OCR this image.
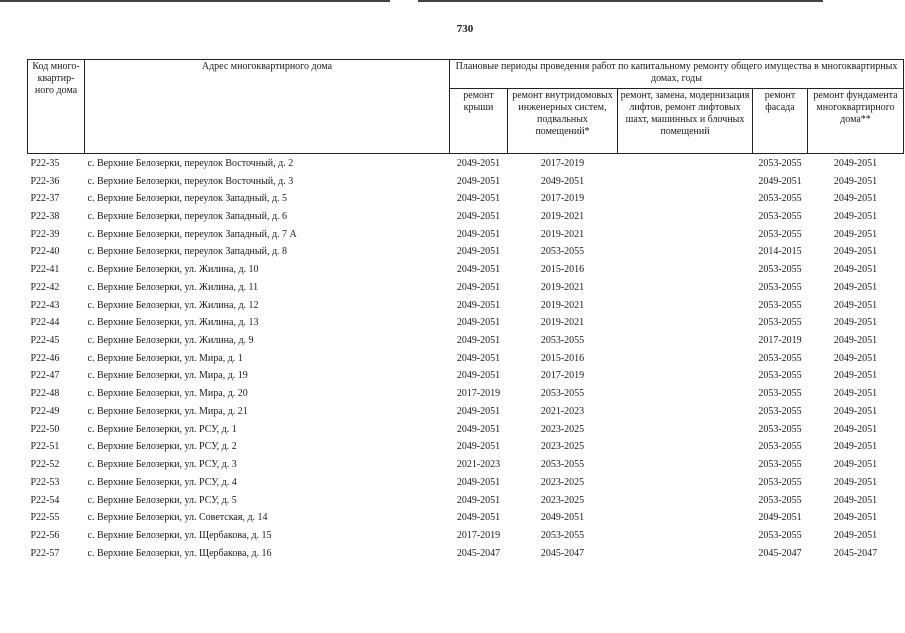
730
Код много-квартир-ного дома	Адрес многоквартирного дома	Плановые периоды проведения работ по капитальному ремонту общего имущества в многоквартирных домах, годы				
		ремонт крыши	ремонт внутридомовых инженерных систем, подвальных помещений*	ремонт, замена, модернизация лифтов, ремонт лифтовых шахт, машинных и блочных помещений	ремонт фасада	ремонт фундамента многоквартирного дома**
Р22-35	с. Верхние Белозерки, переулок Восточный, д. 2	2049-2051	2017-2019		2053-2055	2049-2051
Р22-36	с. Верхние Белозерки, переулок Восточный, д. 3	2049-2051	2049-2051		2049-2051	2049-2051
Р22-37	с. Верхние Белозерки, переулок Западный, д. 5	2049-2051	2017-2019		2053-2055	2049-2051
Р22-38	с. Верхние Белозерки, переулок Западный, д. 6	2049-2051	2019-2021		2053-2055	2049-2051
Р22-39	с. Верхние Белозерки, переулок Западный, д. 7 А	2049-2051	2019-2021		2053-2055	2049-2051
Р22-40	с. Верхние Белозерки, переулок Западный, д. 8	2049-2051	2053-2055		2014-2015	2049-2051
Р22-41	с. Верхние Белозерки, ул. Жилина, д. 10	2049-2051	2015-2016		2053-2055	2049-2051
Р22-42	с. Верхние Белозерки, ул. Жилина, д. 11	2049-2051	2019-2021		2053-2055	2049-2051
Р22-43	с. Верхние Белозерки, ул. Жилина, д. 12	2049-2051	2019-2021		2053-2055	2049-2051
Р22-44	с. Верхние Белозерки, ул. Жилина, д. 13	2049-2051	2019-2021		2053-2055	2049-2051
Р22-45	с. Верхние Белозерки, ул. Жилина, д. 9	2049-2051	2053-2055		2017-2019	2049-2051
Р22-46	с. Верхние Белозерки, ул. Мира, д. 1	2049-2051	2015-2016		2053-2055	2049-2051
Р22-47	с. Верхние Белозерки, ул. Мира, д. 19	2049-2051	2017-2019		2053-2055	2049-2051
Р22-48	с. Верхние Белозерки, ул. Мира, д. 20	2017-2019	2053-2055		2053-2055	2049-2051
Р22-49	с. Верхние Белозерки, ул. Мира, д. 21	2049-2051	2021-2023		2053-2055	2049-2051
Р22-50	с. Верхние Белозерки, ул. РСУ, д. 1	2049-2051	2023-2025		2053-2055	2049-2051
Р22-51	с. Верхние Белозерки, ул. РСУ, д. 2	2049-2051	2023-2025		2053-2055	2049-2051
Р22-52	с. Верхние Белозерки, ул. РСУ, д. 3	2021-2023	2053-2055		2053-2055	2049-2051
Р22-53	с. Верхние Белозерки, ул. РСУ, д. 4	2049-2051	2023-2025		2053-2055	2049-2051
Р22-54	с. Верхние Белозерки, ул. РСУ, д. 5	2049-2051	2023-2025		2053-2055	2049-2051
Р22-55	с. Верхние Белозерки, ул. Советская, д. 14	2049-2051	2049-2051		2049-2051	2049-2051
Р22-56	с. Верхние Белозерки, ул. Щербакова, д. 15	2017-2019	2053-2055		2053-2055	2049-2051
Р22-57	с. Верхние Белозерки, ул. Щербакова, д. 16	2045-2047	2045-2047		2045-2047	2045-2047
